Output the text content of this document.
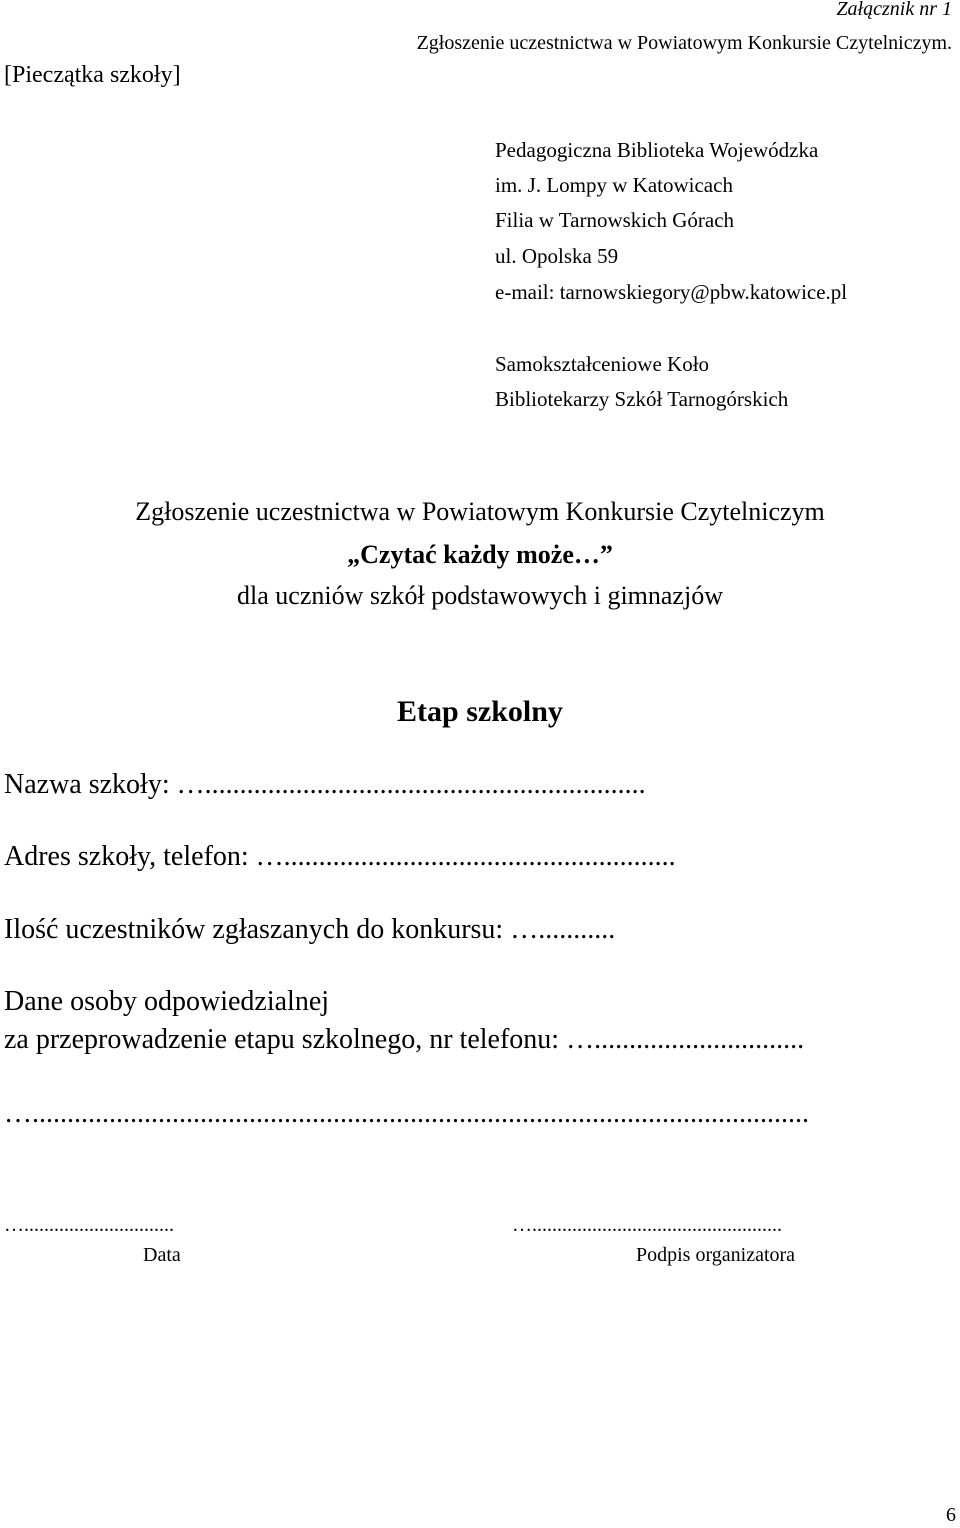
Załącznik nr 1
Zgłoszenie uczestnictwa w Powiatowym Konkursie Czytelniczym.
[Pieczątka szkoły]
Pedagogiczna Biblioteka Wojewódzka
im. J. Lompy w Katowicach
Filia w Tarnowskich Górach
ul. Opolska 59
e-mail: tarnowskiegory@pbw.katowice.pl
Samokształceniowe Koło
Bibliotekarzy Szkół Tarnogórskich
Zgłoszenie uczestnictwa w Powiatowym Konkursie Czytelniczym
„Czytać każdy może…”
dla uczniów szkół podstawowych i gimnazjów
Etap szkolny
Nazwa szkoły: …...............................................................
Adres szkoły, telefon: …........................................................
Ilość uczestników zgłaszanych do konkursu: …...........
Dane osoby odpowiedzialnej
za przeprowadzenie etapu szkolnego, nr telefonu: …..............................
…...............................................................................................................
…..............................
Data
…..................................................
Podpis organizatora
6
